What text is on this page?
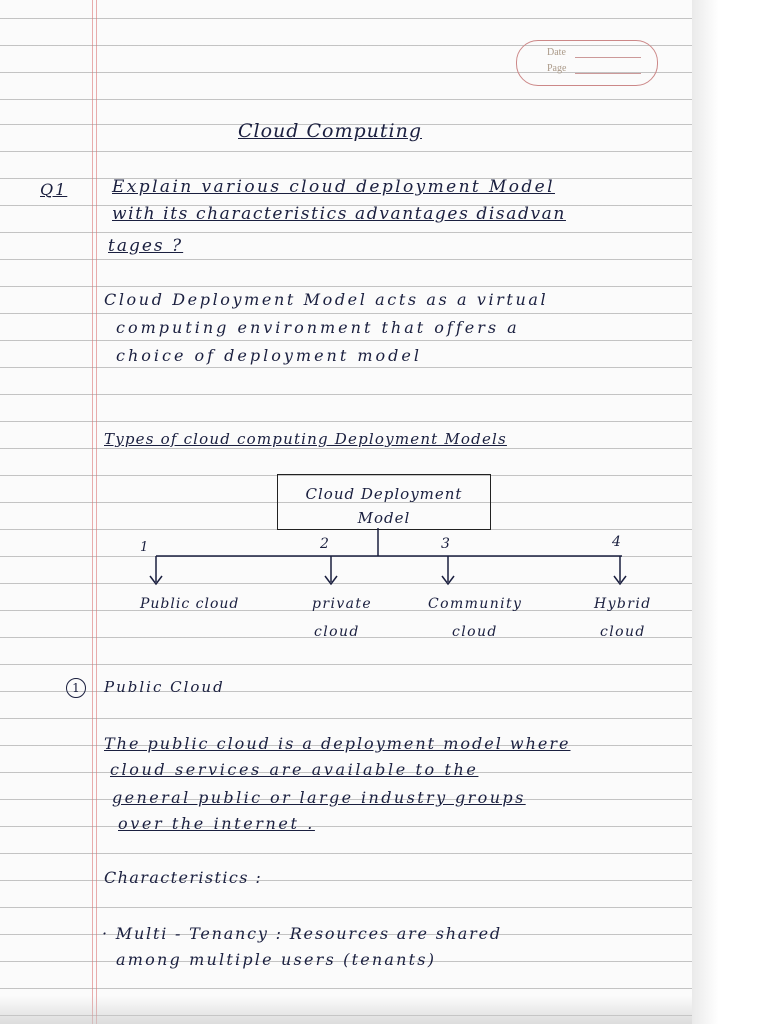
Date
Page
Cloud Computing
Q1	Explain various cloud deployment Model
with its characteristics advantages disadvan
tages ?
Cloud Deployment Model acts as a virtual
computing environment that offers a
choice of deployment model
Types of cloud computing Deployment Models
Cloud Deployment Model
1	2	3	4
Public cloud	private
cloud
Community
cloud
Hybrid
cloud
1	Public Cloud
The public cloud is a deployment model where
cloud services are available to the
general public or large industry groups
over the internet .
Characteristics :
· Multi - Tenancy : Resources are shared
among multiple users (tenants)
